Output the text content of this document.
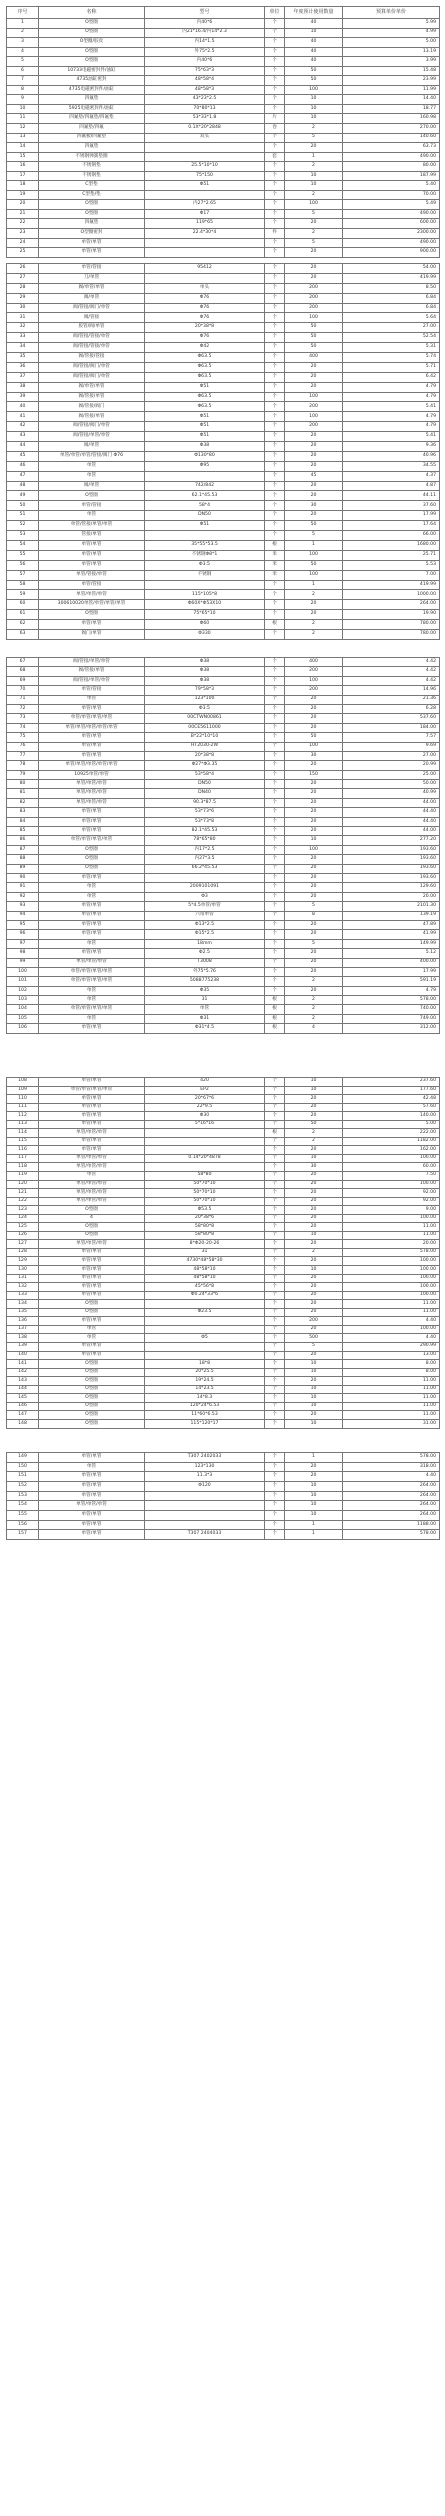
序号	名称	型号	单位	年度预计使用数量	预算单价单价
1	O型圈	内40*6	个	40	5.99
2	O型圈	内21*16.4/内14*2.3	个	10	4.99
3	O型圈/胶皮	内14*1.5	个	40	5.00
4	O型圈	外75*2.5	个	40	13.19
5	O型圈	内40*6	个	40	3.99
6	10733电磁密封件/油缸	75*63*3	个	50	15.48
7	4735油缸密封	48*58*4	个	50	23.99
8	4735电磁密封件/油缸	48*58*3	个	100	11.99
9	四氟垫	43*23*2.5	个	10	14.40
10	5925电磁密封件/油缸	70*80*13	个	10	18.77
11	四氟垫/四氟垫/四氟垫	53*33*1.8	片	10	160.98
12	四氟垫/四氟	0.1X*20*2848	卷	2	270.00
13	四氟板/四氟垫	双头	个	5	140.60
14	四氟垫		个	20	63.73
15	不锈钢弹簧垫圈		套	1	490.00
16	不锈钢垫	25.5*10*10	个	2	80.00
17	不锈钢垫	75*150	个	10	187.99
18	C型垫	Φ51	个	10	5.40
19	C型垫/垫		个	2	70.00
20	O型圈	内27*2.65	个	100	5.49
21	O型圈	Φ17	个	5	490.00
22	四氟垫	119*65	个	20	600.00
23	O型圈密封	22.4*30*4	件	2	2300.00
24	单管/单管		个	5	490.00
25	单管/单管		个	20	900.00
26	单管/管接	95412	个	20	54.00
27	刀/单管		个	20	419.99
28	阀/单管/单管	单头	个	200	8.50
29	阀/单管	Φ76	个	200	6.84
30	阀/管接/阀门/单管	Φ76	个	200	6.84
31	阀/管接	Φ76	个	100	5.64
32	胶管/阀/单管	20*38*8	个	50	27.00
33	阀/管接/管接/单管	Φ76	个	50	52.54
34	阀/管接/管接/单管	Φ42	个	50	5.31
35	阀/管接/管接	Φ63.5	个	400	5.74
36	阀/管接/阀门/单管	Φ63.5	个	20	5.71
37	阀/管接/阀门/单管	Φ63.5	个	20	6.42
38	阀/单管/单管	Φ51	个	20	4.79
39	阀/管接/单管	Φ63.5	个	100	4.79
40	阀/管接/阀门	Φ63.5	个	200	5.41
41	阀/管接/单管	Φ51	个	100	4.79
42	阀/管接/阀门/单管	Φ51	个	200	4.79
43	阀/管接/单管/单管	Φ51	个	20	5.41
44	阀/单管	Φ38	个	20	9.36
45	单管/单管/单管/管接/阀门 Φ76	Φ130*80	个	20	40.96
46	单管	Φ95	个	20	34.55
47	单管		个	45	4.37
48	阀/单管	742/842	个	20	4.87
49	O型圈	62.1*45.53	个	20	44.11
50	单管/管接	58*4	个	30	37.60
51	单管	DN50	个	20	17.99
52	单管/管接/单管/单管	Φ51	个	50	17.64
53	管接/单管		个	5	66.00
54	单管/单管	35*55*53.5	根	1	1680.00
55	单管/单管	不锈钢Φ8*1	米	100	25.71
56	单管/单管	Φ3.5	米	50	5.53
57	单管/管接/单管	不锈钢	米	100	7.00
58	单管/管接		个	1	419.99
59	单管/单管/单管	115*105*8	个	2	1000.00
60	300610020单管/单管/单管/单管	Φ60X*Φ53X10	个	20	264.00
61	O型圈	75*65*10	个	20	19.90
62	单管/单管	Φ60	根	2	780.00
63	阀门/单管	Φ330	个	2	780.00
67	阀/管接/单管/单管	Φ38	个	400	4.42
68	阀/管接/单管	Φ38	个	200	4.42
69	阀/管接/单管/单管	Φ38	个	100	4.42
70	单管/管接	79*58*3	个	200	14.96
71	单管	123*100	个	20	21.36
72	单管/单管	Φ3.5	个	20	6.28
73	单管/单管/单管/单管	00CTWN00861	个	20	537.60
74	单管/单管/单管/单管/单管	00CE5611000	个	20	184.00
75	单管/单管	B*22*10*10	个	50	7.57
76	单管/单管	HT2030-2W	个	100	9.69
77	单管/单管	20*38*8	个	30	27.00
78	单管/单管/单管/单管/单管	Φ27*Φ3.35	个	20	20.99
79	10925单管/单管	53*58*4	个	150	25.00
80	单管/单管/单管	DN50	个	20	50.00
81	单管/单管/单管	DN40	个	20	40.99
82	单管/单管/单管	90.3*87.5	个	20	44.00
83	单管/单管	53*73*6	个	20	44.40
84	单管/单管	53*73*8	个	20	44.40
85	单管/单管	82.1*45.53	个	20	44.00
86	单管/单管/单管/单管	78*65*80	个	10	277.20
87	O型圈	内17*2.5	个	100	193.60
88	O型圈	内27*3.5	个	20	193.60
89	O型圈	66.2*45.53	个	20	193.60
90	单管/单管		个	20	193.60
91	单管	2009101091	个	20	129.60
92	单管	Φ3	个	20	20.00
93	单管/单管	5*4.5单管/单管	个	5	2101.30
94	单管/单管	六角单管	个	8	139.19
95	单管/单管	Φ13*2.5	个	20	47.89
96	单管/单管	Φ15*2.5	个	20	41.99
97	单管	18mm	个	5	149.99
98	单管/单管	Φ2.5	个	20	5.12
99	单管/单管/单管	T3008	个	20	400.00
100	单管/单管/单管/单管	外75*5.76	个	20	17.99
101	单管/单管/单管/单管	5088775238	个	2	591.19
102	单管	Φ35	个	20	4.79
103	单管	31	根	2	578.00
104	单管/单管/单管/单管	单管	根	2	740.00
105	单管	Φ31	根	2	749.00
106	单管/单管	Φ31*4.5	根	4	312.00
108	单管/单管	420	个	10	237.60
109	单管/单管/单管/单管	EP2	个	10	177.60
110	单管/单管	20*67*6	个	20	42.48
111	单管/单管	22*9.5	个	20	57.60
112	单管/单管	Φ30	个	20	140.00
113	单管/单管	5*16*16	个	50	5.00
114	单管/单管/单管		根	2	222.00
115	单管/单管		个	2	1182.00
116	单管/单管		个	20	162.00
117	单管/单管/单管	0.14*20*4878	个	10	100.00
118	单管/单管/单管		个	30	60.00
119	单管	58*80	个	20	7.50
120	单管/单管/单管	50*70*10	个	20	100.00
121	单管/单管/单管	50*70*10	个	20	92.00
122	单管/单管/单管	50*70*10	个	20	92.00
123	O型圈	Φ53.5	个	20	9.00
124	4	20*38*6	个	20	100.00
125	O型圈	58*80*8	个	20	11.00
126	O型圈	58*80*8	个	10	11.00
127	单管/单管/单管	8*Φ20-20-26	个	20	20.00
128	单管/单管	31	个	2	578.00
129	单管/单管	4730*48*58*30	个	20	100.00
130	单管/单管	48*58*10	个	10	100.00
131	单管/单管	48*58*10	个	20	100.00
132	单管/单管	45*56*8	个	20	100.00
133	单管/单管	Φ0.24*33*6	个	20	100.00
134	O型圈		个	20	11.00
135	O型圈	Φ23.5	个	20	11.00
136	单管/单管		个	200	4.40
137	单管		个	20	100.00
138	单管	Φ5	个	500	4.40
139	单管/单管		个	5	290.99
140	单管/单管		个	20	13.00
141	O型圈	18*8	个	10	8.00
142	O型圈	20*25.5	个	10	8.00
143	O型圈	19*24.5	个	20	11.00
144	O型圈	14*23.5	个	10	11.00
145	O型圈	14*8.3	个	10	11.00
146	O型圈	120*24*6.53	个	10	11.00
147	O型圈	11*60*6.53	个	20	11.00
148	O型圈	115*120*17	个	10	31.00
149	单管/单管	T307 2402033	个	1	578.00
150	单管	123*130	个	20	318.00
151	单管/单管	11.3*3	个	20	4.40
152	单管/单管	Φ120	个	10	264.00
153	单管/单管		个	10	264.00
154	单管/单管/单管		个	10	264.00
155	单管/单管		个	10	264.00
156	单管/单管		个	1	1188.00
157	单管/单管	T307 2404033	个	1	578.00
